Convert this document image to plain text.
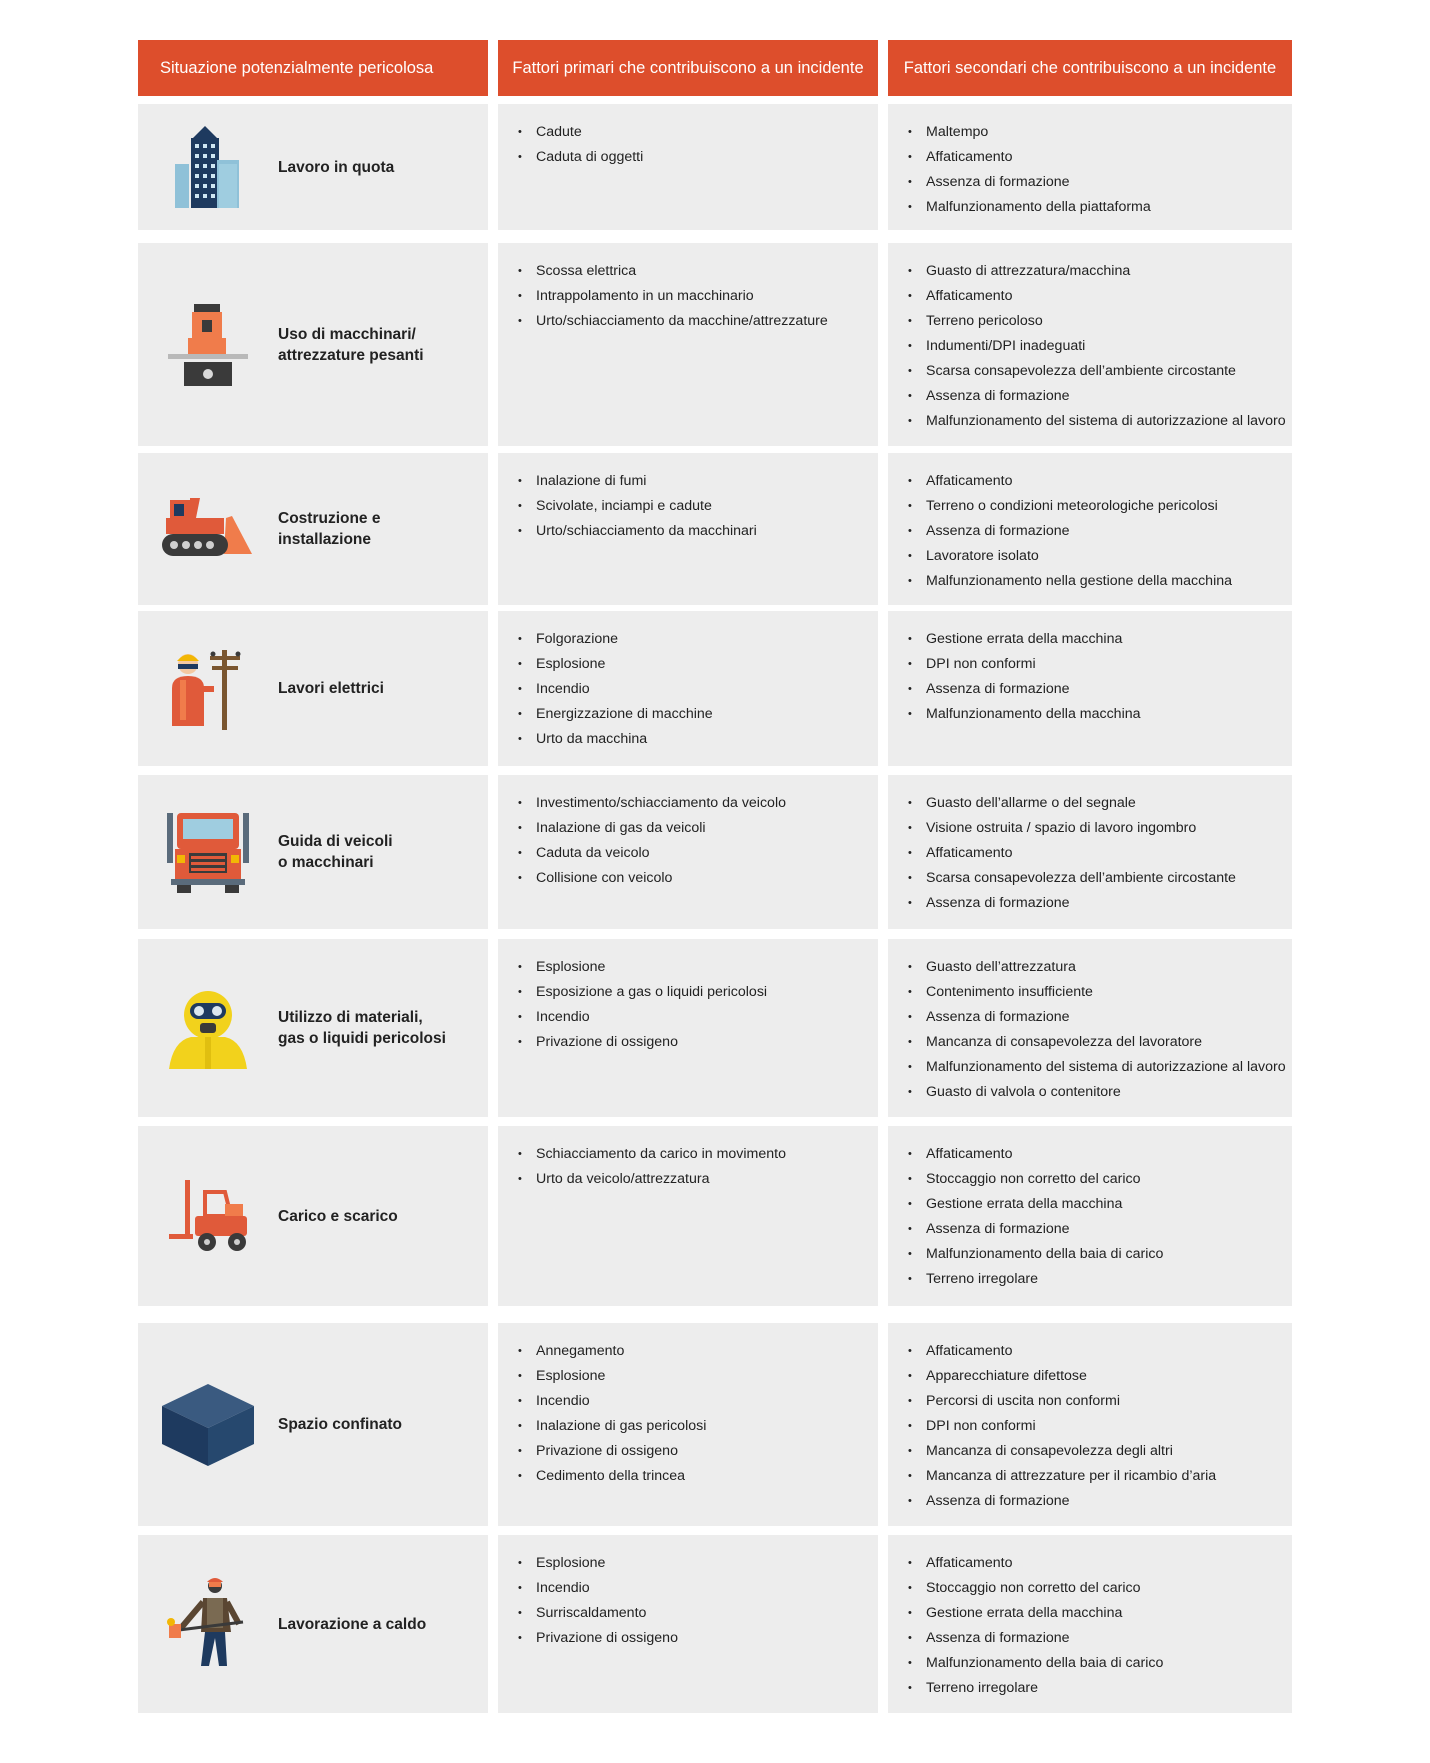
Situazione potenzialmente pericolosa	Fattori primari che contribuiscono a un incidente	Fattori secondari che contribuiscono a un incidente
Lavoro in quota
• Cadute
• Caduta di oggetti
• Maltempo
• Affaticamento
• Assenza di formazione
• Malfunzionamento della piattaforma
Uso di macchinari/
attrezzature pesanti
• Scossa elettrica
• Intrappolamento in un macchinario
• Urto/schiacciamento da macchine/attrezzature
• Guasto di attrezzatura/macchina
• Affaticamento
• Terreno pericoloso
• Indumenti/DPI inadeguati
• Scarsa consapevolezza dell’ambiente circostante
• Assenza di formazione
• Malfunzionamento del sistema di autorizzazione al lavoro
Costruzione e
installazione
• Inalazione di fumi
• Scivolate, inciampi e cadute
• Urto/schiacciamento da macchinari
• Affaticamento
• Terreno o condizioni meteorologiche pericolosi
• Assenza di formazione
• Lavoratore isolato
• Malfunzionamento nella gestione della macchina
Lavori elettrici
• Folgorazione
• Esplosione
• Incendio
• Energizzazione di macchine
• Urto da macchina
• Gestione errata della macchina
• DPI non conformi
• Assenza di formazione
• Malfunzionamento della macchina
Guida di veicoli
o macchinari
• Investimento/schiacciamento da veicolo
• Inalazione di gas da veicoli
• Caduta da veicolo
• Collisione con veicolo
• Guasto dell’allarme o del segnale
• Visione ostruita / spazio di lavoro ingombro
• Affaticamento
• Scarsa consapevolezza dell’ambiente circostante
• Assenza di formazione
Utilizzo di materiali,
gas o liquidi pericolosi
• Esplosione
• Esposizione a gas o liquidi pericolosi
• Incendio
• Privazione di ossigeno
• Guasto dell’attrezzatura
• Contenimento insufficiente
• Assenza di formazione
• Mancanza di consapevolezza del lavoratore
• Malfunzionamento del sistema di autorizzazione al lavoro
• Guasto di valvola o contenitore
Carico e scarico
• Schiacciamento da carico in movimento
• Urto da veicolo/attrezzatura
• Affaticamento
• Stoccaggio non corretto del carico
• Gestione errata della macchina
• Assenza di formazione
• Malfunzionamento della baia di carico
• Terreno irregolare
Spazio confinato
• Annegamento
• Esplosione
• Incendio
• Inalazione di gas pericolosi
• Privazione di ossigeno
• Cedimento della trincea
• Affaticamento
• Apparecchiature difettose
• Percorsi di uscita non conformi
• DPI non conformi
• Mancanza di consapevolezza degli altri
• Mancanza di attrezzature per il ricambio d’aria
• Assenza di formazione
Lavorazione a caldo
• Esplosione
• Incendio
• Surriscaldamento
• Privazione di ossigeno
• Affaticamento
• Stoccaggio non corretto del carico
• Gestione errata della macchina
• Assenza di formazione
• Malfunzionamento della baia di carico
• Terreno irregolare
